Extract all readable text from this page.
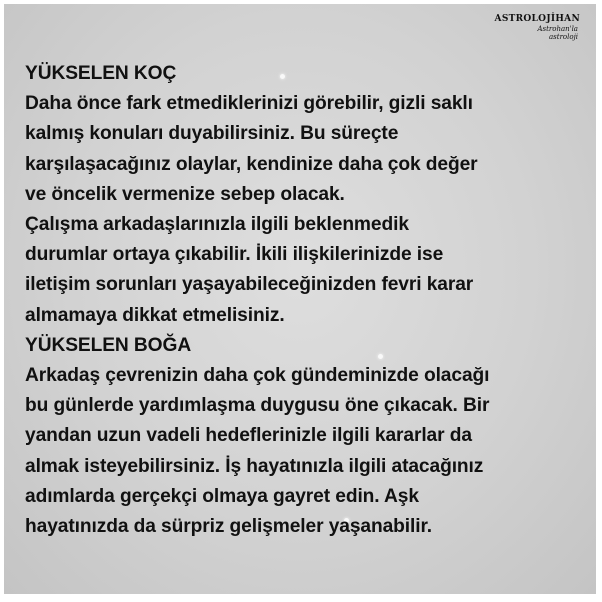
ASTROLOJİHAN
Astrohan'la
astroloji
YÜKSELEN KOÇ
Daha önce fark etmediklerinizi görebilir, gizli saklı
kalmış konuları duyabilirsiniz. Bu süreçte
karşılaşacağınız olaylar, kendinize daha çok değer
ve öncelik vermenize sebep olacak.
Çalışma arkadaşlarınızla ilgili beklenmedik
durumlar ortaya çıkabilir. İkili ilişkilerinizde ise
iletişim sorunları yaşayabileceğinizden fevri karar
almamaya dikkat etmelisiniz.
YÜKSELEN BOĞA
Arkadaş çevrenizin daha çok gündeminizde olacağı
bu günlerde yardımlaşma duygusu öne çıkacak. Bir
yandan uzun vadeli hedeflerinizle ilgili kararlar da
almak isteyebilirsiniz. İş hayatınızla ilgili atacağınız
adımlarda gerçekçi olmaya gayret edin. Aşk
hayatınızda da sürpriz gelişmeler yaşanabilir.
